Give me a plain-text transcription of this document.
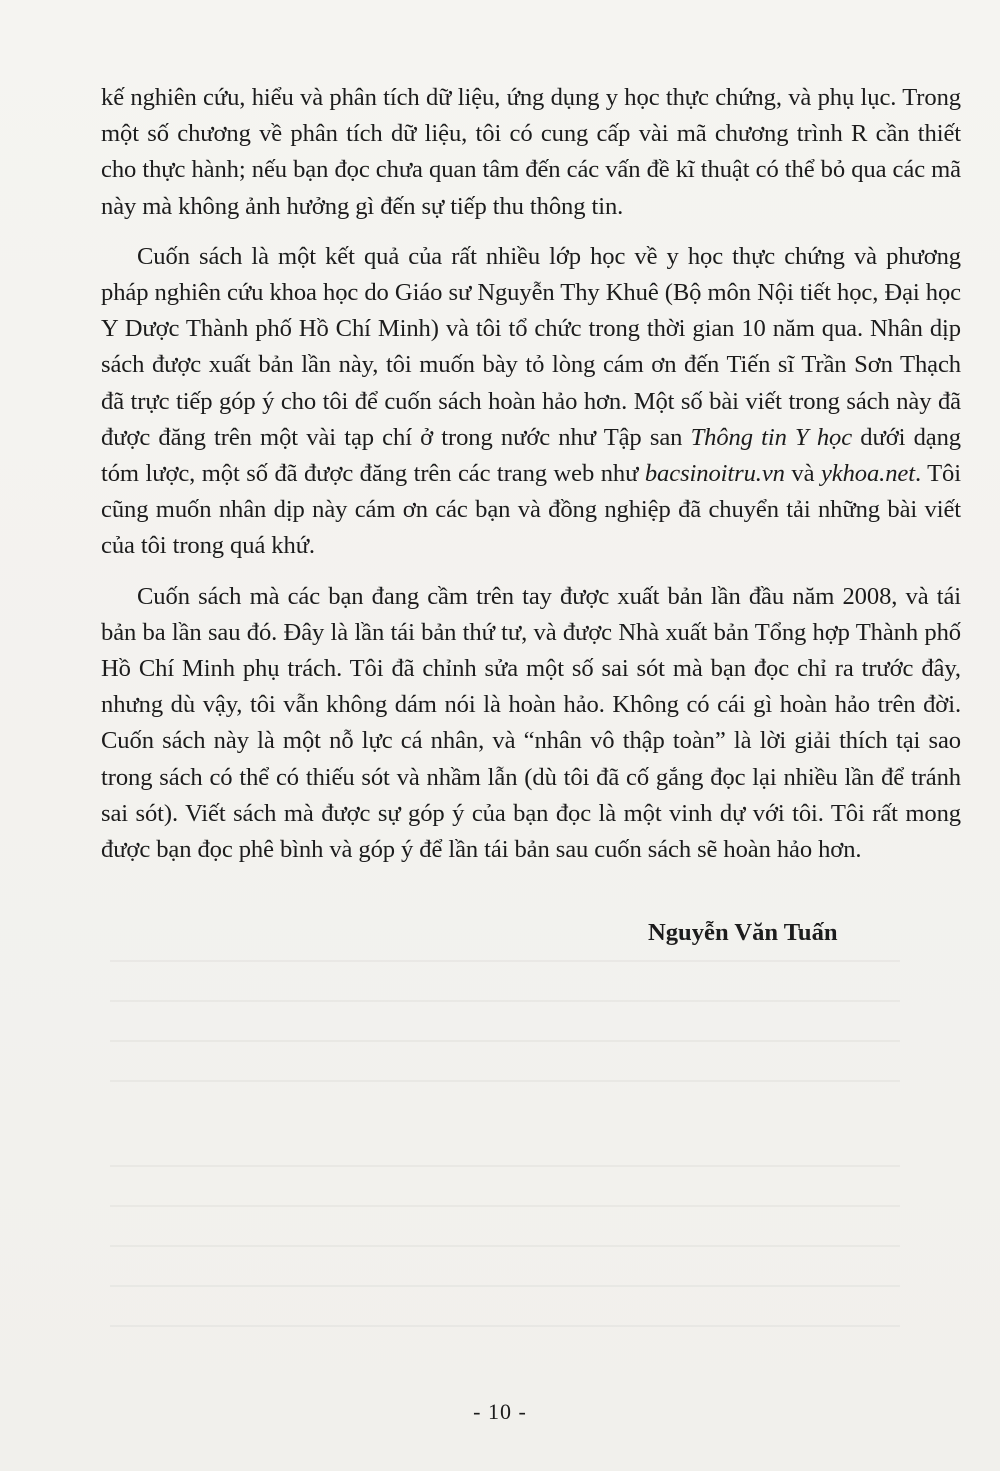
kế nghiên cứu, hiểu và phân tích dữ liệu, ứng dụng y học thực chứng, và phụ lục. Trong một số chương về phân tích dữ liệu, tôi có cung cấp vài mã chương trình R cần thiết cho thực hành; nếu bạn đọc chưa quan tâm đến các vấn đề kĩ thuật có thể bỏ qua các mã này mà không ảnh hưởng gì đến sự tiếp thu thông tin.

Cuốn sách là một kết quả của rất nhiều lớp học về y học thực chứng và phương pháp nghiên cứu khoa học do Giáo sư Nguyễn Thy Khuê (Bộ môn Nội tiết học, Đại học Y Dược Thành phố Hồ Chí Minh) và tôi tổ chức trong thời gian 10 năm qua. Nhân dịp sách được xuất bản lần này, tôi muốn bày tỏ lòng cám ơn đến Tiến sĩ Trần Sơn Thạch đã trực tiếp góp ý cho tôi để cuốn sách hoàn hảo hơn. Một số bài viết trong sách này đã được đăng trên một vài tạp chí ở trong nước như Tập san Thông tin Y học dưới dạng tóm lược, một số đã được đăng trên các trang web như bacsinoitru.vn và ykhoa.net. Tôi cũng muốn nhân dịp này cám ơn các bạn và đồng nghiệp đã chuyển tải những bài viết của tôi trong quá khứ.

Cuốn sách mà các bạn đang cầm trên tay được xuất bản lần đầu năm 2008, và tái bản ba lần sau đó. Đây là lần tái bản thứ tư, và được Nhà xuất bản Tổng hợp Thành phố Hồ Chí Minh phụ trách. Tôi đã chỉnh sửa một số sai sót mà bạn đọc chỉ ra trước đây, nhưng dù vậy, tôi vẫn không dám nói là hoàn hảo. Không có cái gì hoàn hảo trên đời. Cuốn sách này là một nỗ lực cá nhân, và “nhân vô thập toàn” là lời giải thích tại sao trong sách có thể có thiếu sót và nhầm lẫn (dù tôi đã cố gắng đọc lại nhiều lần để tránh sai sót). Viết sách mà được sự góp ý của bạn đọc là một vinh dự với tôi. Tôi rất mong được bạn đọc phê bình và góp ý để lần tái bản sau cuốn sách sẽ hoàn hảo hơn.

Nguyễn Văn Tuấn
- 10 -
